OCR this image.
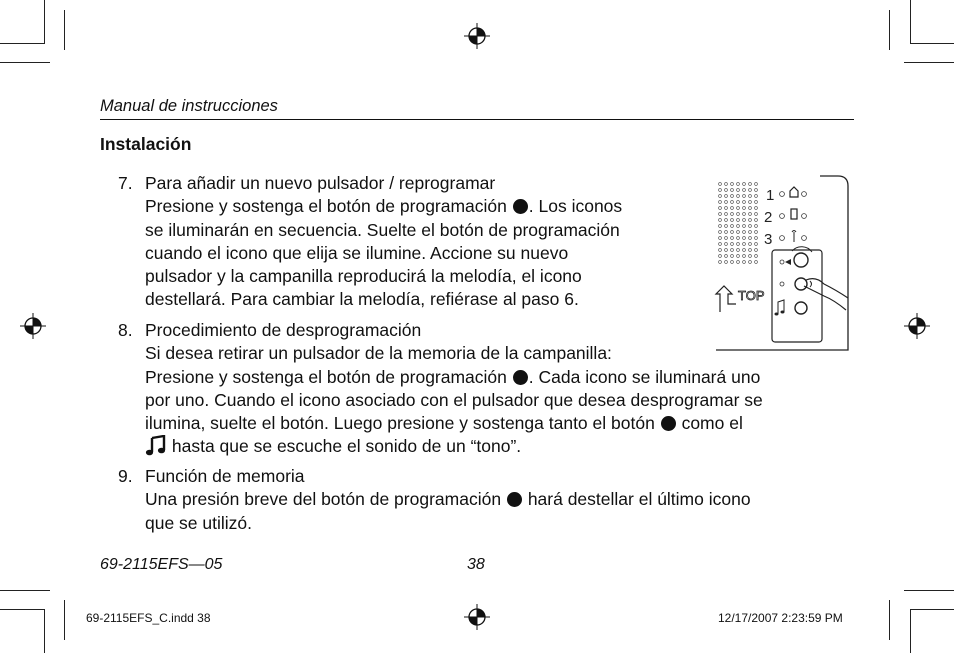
Manual de instrucciones
Instalación
7. Para añadir un nuevo pulsador / reprogramar
Presione y sostenga el botón de programación . Los iconos
se iluminarán en secuencia. Suelte el botón de programación
cuando el icono que elija se ilumine. Accione su nuevo
pulsador y la campanilla reproducirá la melodía, el icono
destellará. Para cambiar la melodía, refiérase al paso 6.
8. Procedimiento de desprogramación
Si desea retirar un pulsador de la memoria de la campanilla:
Presione y sostenga el botón de programación . Cada icono se iluminará uno
por uno. Cuando el icono asociado con el pulsador que desea desprogramar se
ilumina, suelte el botón. Luego presione y sostenga tanto el botón como el
hasta que se escuche el sonido de un “tono”.
9. Función de memoria
Una presión breve del botón de programación hará destellar el último icono
que se utilizó.
1
2
3
TOP
69-2115EFS—05	38
69-2115EFS_C.indd 38	12/17/2007 2:23:59 PM
